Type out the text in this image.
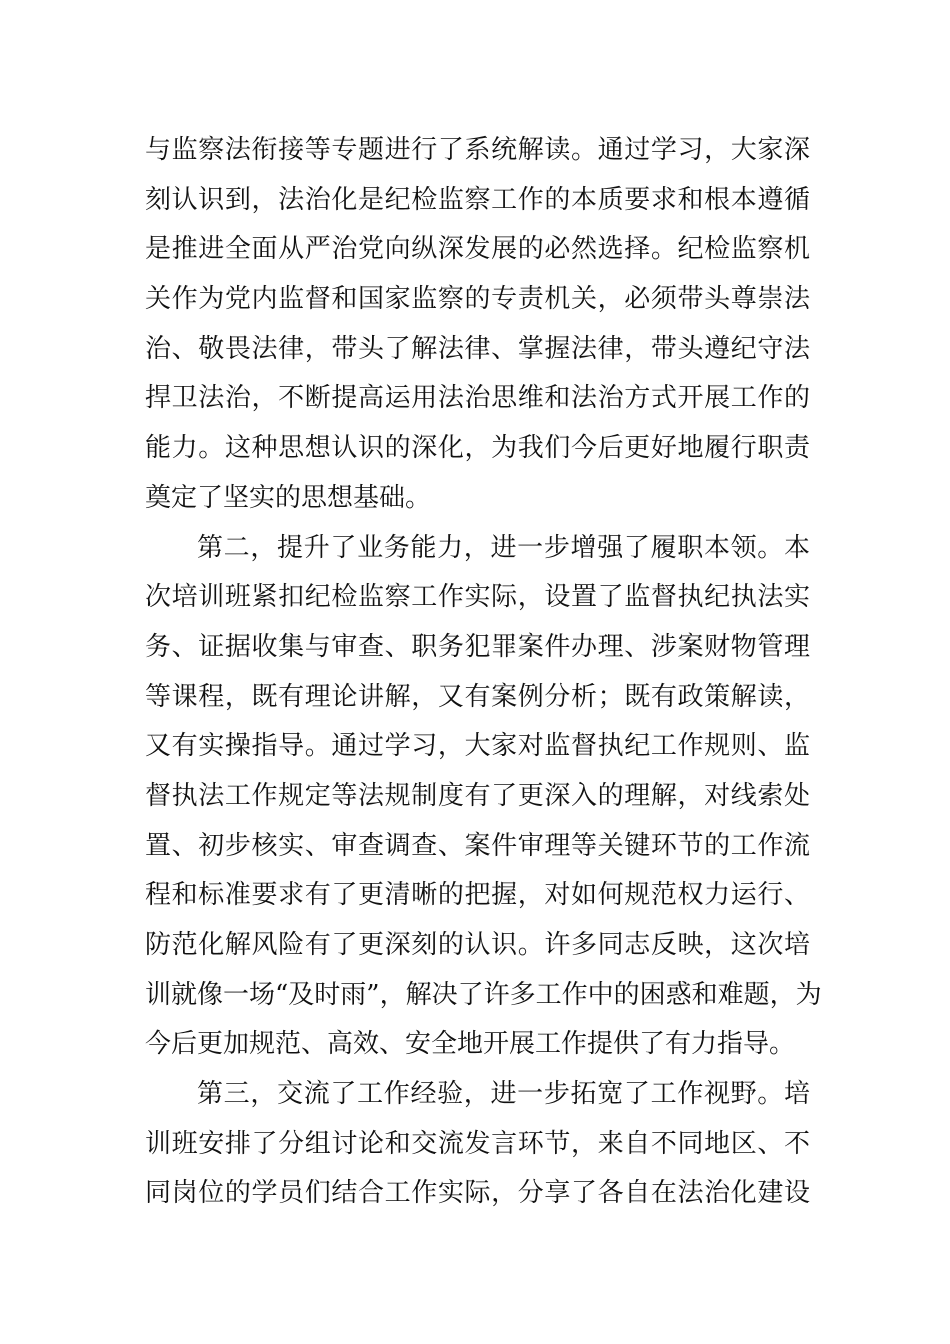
与监察法衔接等专题进行了系统解读。通过学习，大家深
刻认识到，法治化是纪检监察工作的本质要求和根本遵循
是推进全面从严治党向纵深发展的必然选择。纪检监察机
关作为党内监督和国家监察的专责机关，必须带头尊崇法
治、敬畏法律，带头了解法律、掌握法律，带头遵纪守法
捍卫法治，不断提高运用法治思维和法治方式开展工作的
能力。这种思想认识的深化，为我们今后更好地履行职责
奠定了坚实的思想基础。
第二，提升了业务能力，进一步增强了履职本领。本
次培训班紧扣纪检监察工作实际，设置了监督执纪执法实
务、证据收集与审查、职务犯罪案件办理、涉案财物管理
等课程，既有理论讲解，又有案例分析；既有政策解读，
又有实操指导。通过学习，大家对监督执纪工作规则、监
督执法工作规定等法规制度有了更深入的理解，对线索处
置、初步核实、审查调查、案件审理等关键环节的工作流
程和标准要求有了更清晰的把握，对如何规范权力运行、
防范化解风险有了更深刻的认识。许多同志反映，这次培
训就像一场“及时雨”，解决了许多工作中的困惑和难题，为
今后更加规范、高效、安全地开展工作提供了有力指导。
第三，交流了工作经验，进一步拓宽了工作视野。培
训班安排了分组讨论和交流发言环节，来自不同地区、不
同岗位的学员们结合工作实际，分享了各自在法治化建设
